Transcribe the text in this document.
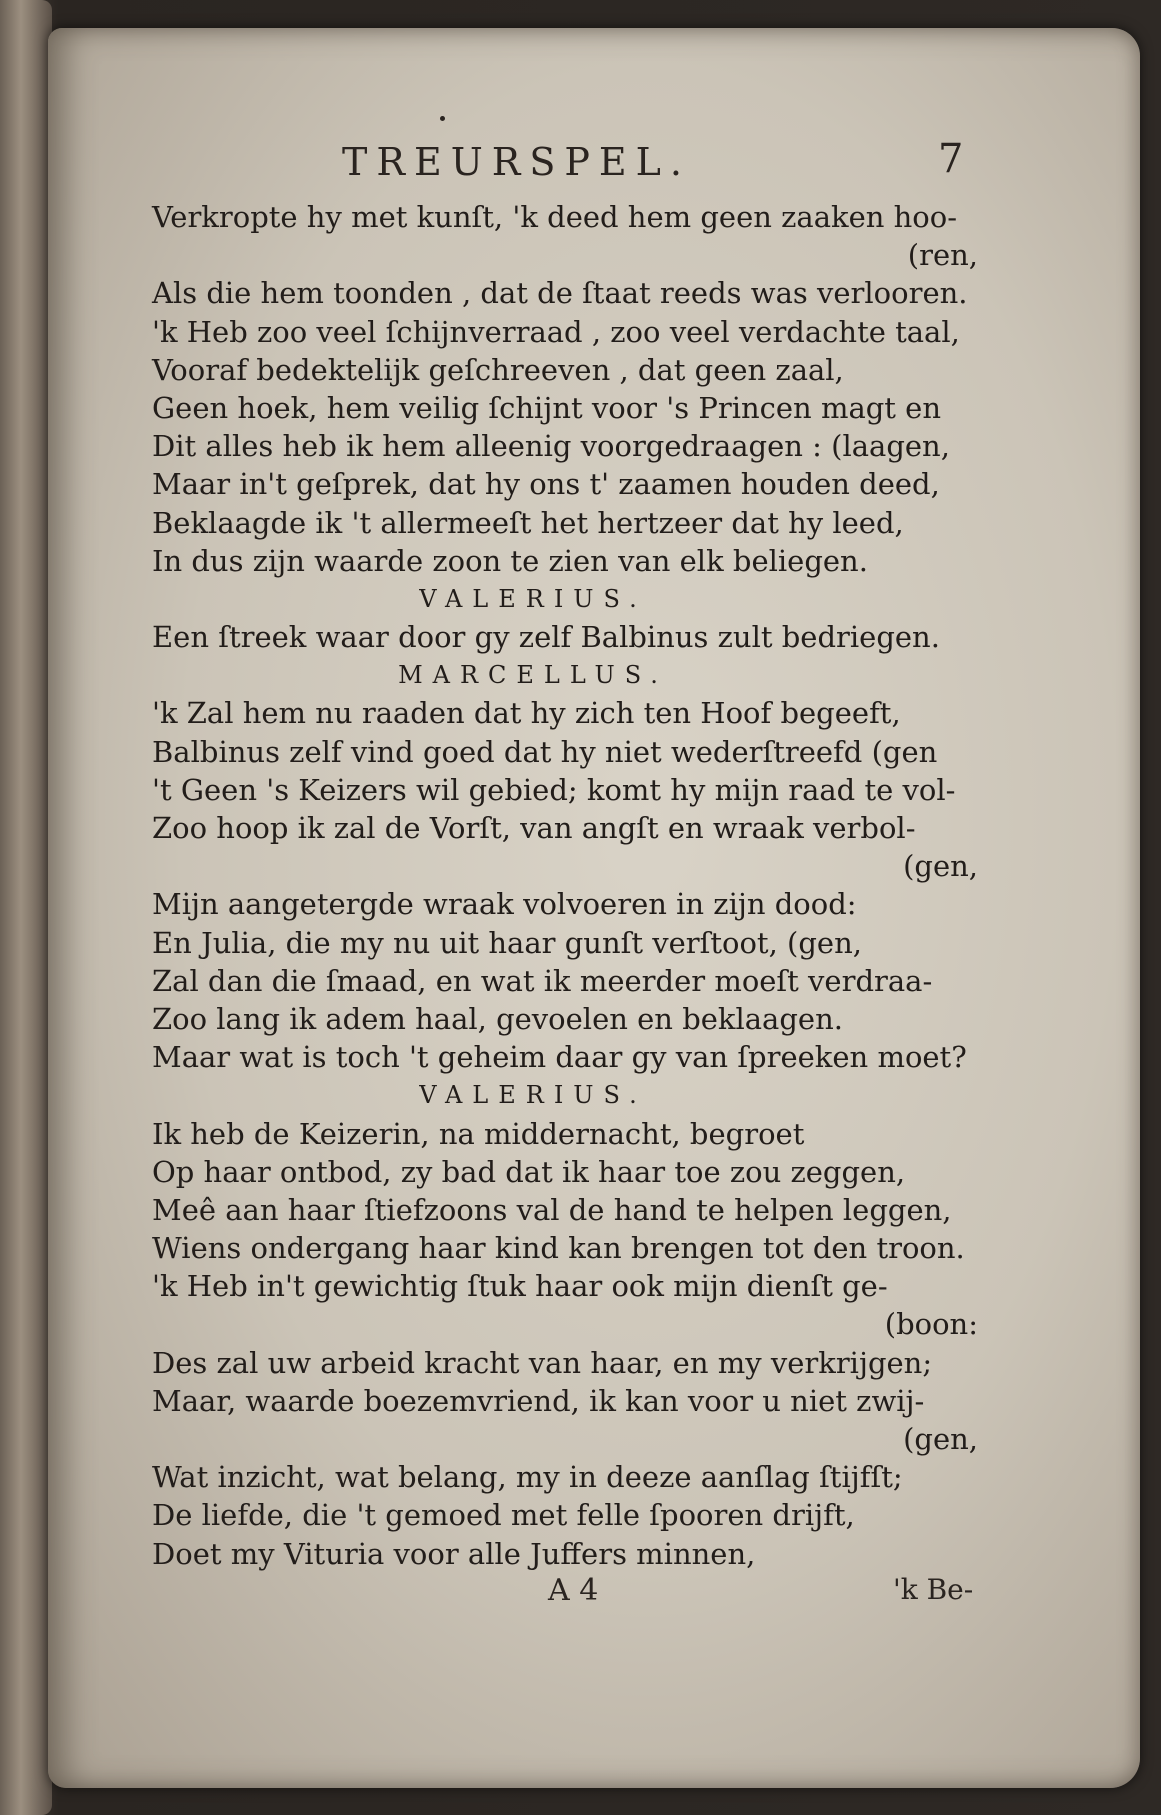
TREURSPEL.	7
Verkropte hy met kunſt, 'k deed hem geen zaaken hoo-
(ren,
Als die hem toonden , dat de ſtaat reeds was verlooren.
'k Heb zoo veel ſchijnverraad , zoo veel verdachte taal,
Vooraf bedektelijk geſchreeven , dat geen zaal,
Geen hoek, hem veilig ſchijnt voor 's Princen magt en
Dit alles heb ik hem alleenig voorgedraagen : (laagen,
Maar in't geſprek, dat hy ons t' zaamen houden deed,
Beklaagde ik 't allermeeſt het hertzeer dat hy leed,
In dus zijn waarde zoon te zien van elk beliegen.
VALERIUS.
Een ſtreek waar door gy zelf Balbinus zult bedriegen.
MARCELLUS.
'k Zal hem nu raaden dat hy zich ten Hoof begeeft,
Balbinus zelf vind goed dat hy niet wederſtreefd (gen
't Geen 's Keizers wil gebied; komt hy mijn raad te vol-
Zoo hoop ik zal de Vorſt, van angſt en wraak verbol-
(gen,
Mijn aangetergde wraak volvoeren in zijn dood:
En Julia, die my nu uit haar gunſt verſtoot, (gen,
Zal dan die ſmaad, en wat ik meerder moeſt verdraa-
Zoo lang ik adem haal, gevoelen en beklaagen.
Maar wat is toch 't geheim daar gy van ſpreeken moet?
VALERIUS.
Ik heb de Keizerin, na middernacht, begroet
Op haar ontbod, zy bad dat ik haar toe zou zeggen,
Meê aan haar ſtiefzoons val de hand te helpen leggen,
Wiens ondergang haar kind kan brengen tot den troon.
'k Heb in't gewichtig ſtuk haar ook mijn dienſt ge-
(boon:
Des zal uw arbeid kracht van haar, en my verkrijgen;
Maar, waarde boezemvriend, ik kan voor u niet zwij-
(gen,
Wat inzicht, wat belang, my in deeze aanſlag ſtijfſt;
De liefde, die 't gemoed met felle ſpooren drijft,
Doet my Vituria voor alle Juffers minnen,
A 4	'k Be-
